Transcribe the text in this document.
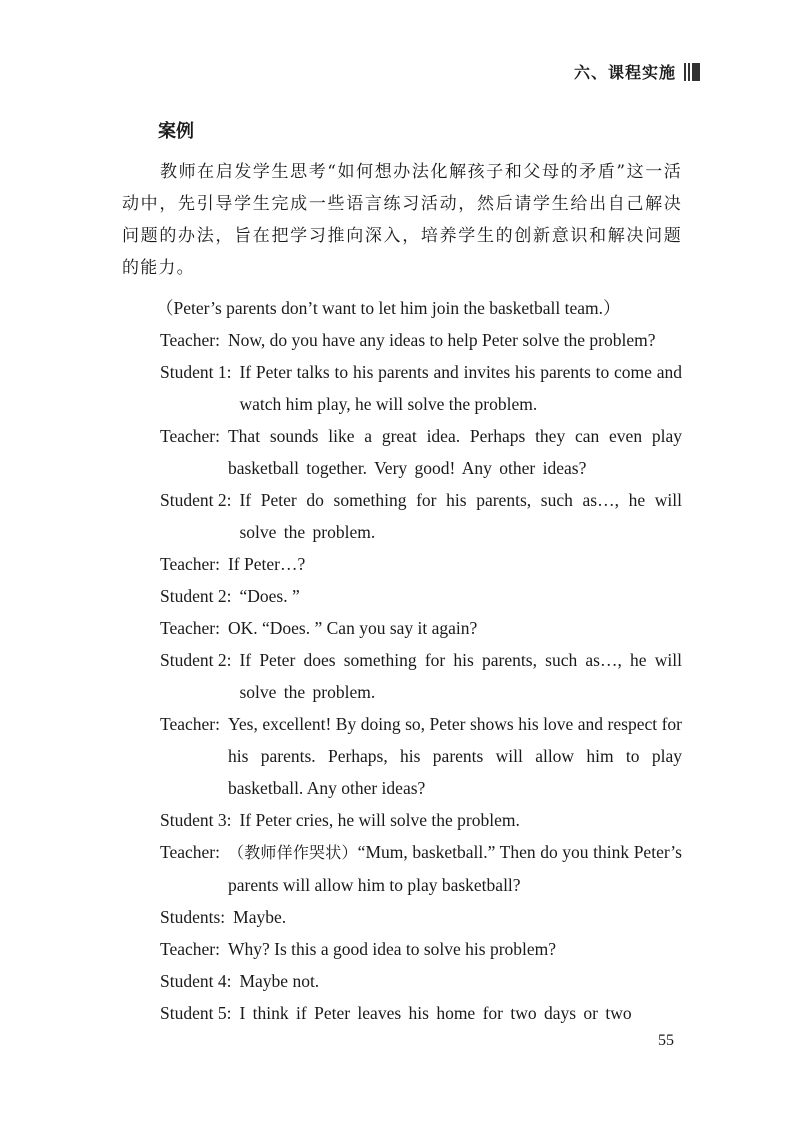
六、课程实施
案例

教师在启发学生思考“如何想办法化解孩子和父母的矛盾”这一活动中，先引导学生完成一些语言练习活动，然后请学生给出自己解决问题的办法，旨在把学习推向深入，培养学生的创新意识和解决问题的能力。

（Peter’s parents don’t want to let him join the basketball team.）
Teacher: Now, do you have any ideas to help Peter solve the problem?
Student 1: If Peter talks to his parents and invites his parents to come and watch him play, he will solve the problem.
Teacher: That sounds like a great idea. Perhaps they can even play basketball together. Very good! Any other ideas?
Student 2: If Peter do something for his parents, such as…, he will solve the problem.
Teacher: If Peter…?
Student 2: “Does. ”
Teacher: OK. “Does. ” Can you say it again?
Student 2: If Peter does something for his parents, such as…, he will solve the problem.
Teacher: Yes, excellent! By doing so, Peter shows his love and respect for his parents. Perhaps, his parents will allow him to play basketball. Any other ideas?
Student 3: If Peter cries, he will solve the problem.
Teacher: （教师佯作哭状）“Mum, basketball.” Then do you think Peter’s parents will allow him to play basketball?
Students: Maybe.
Teacher: Why? Is this a good idea to solve his problem?
Student 4: Maybe not.
Student 5: I think if Peter leaves his home for two days or two
55
